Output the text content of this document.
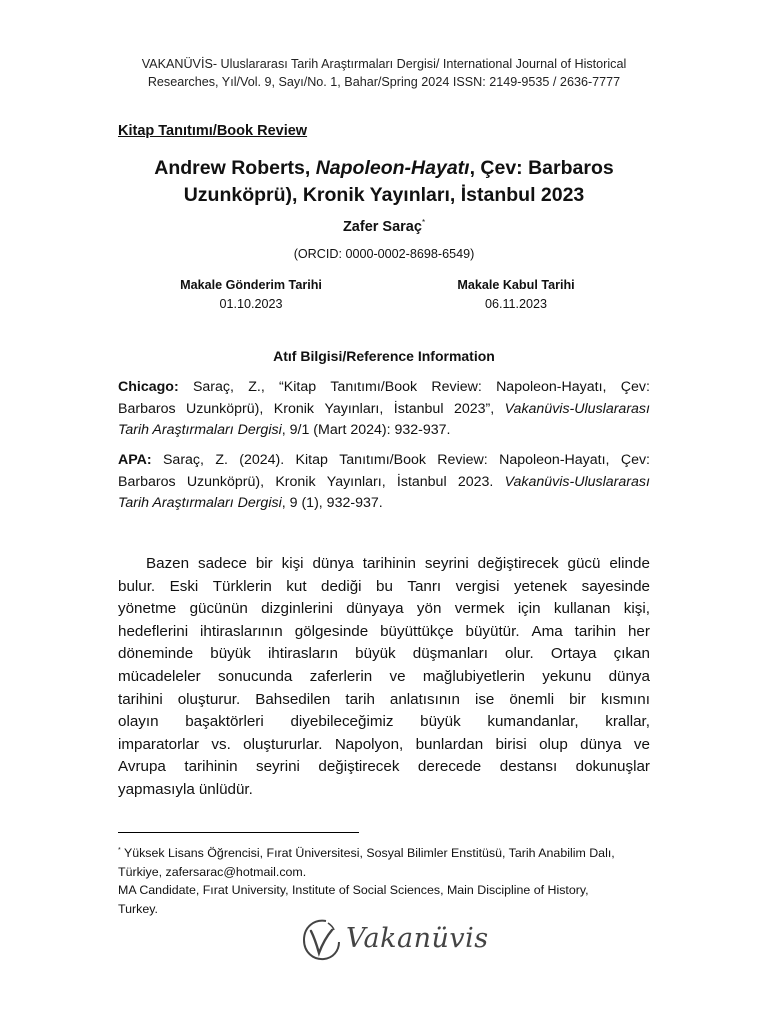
VAKANÜVİS- Uluslararası Tarih Araştırmaları Dergisi/ International Journal of Historical
Researches, Yıl/Vol. 9, Sayı/No. 1, Bahar/Spring 2024 ISSN: 2149-9535 / 2636-7777
Kitap Tanıtımı/Book Review
Andrew Roberts, Napoleon-Hayatı, Çev: Barbaros
Uzunköprü), Kronik Yayınları, İstanbul 2023
Zafer Saraç*
(ORCID: 0000-0002-8698-6549)
Makale Gönderim Tarihi
01.10.2023
Makale Kabul Tarihi
06.11.2023
Atıf Bilgisi/Reference Information
Chicago: Saraç, Z., “Kitap Tanıtımı/Book Review: Napoleon-Hayatı, Çev:
Barbaros Uzunköprü), Kronik Yayınları, İstanbul 2023”, Vakanüvis-Uluslararası
Tarih Araştırmaları Dergisi , 9/1 (Mart 2024): 932-937.
APA: Saraç, Z. (2024). Kitap Tanıtımı/Book Review: Napoleon-Hayatı, Çev:
Barbaros Uzunköprü), Kronik Yayınları, İstanbul 2023. Vakanüvis-Uluslararası
Tarih Araştırmaları Dergisi , 9 (1), 932-937.
Bazen sadece bir kişi dünya tarihinin seyrini değiştirecek gücü elinde
bulur. Eski Türklerin kut dediği bu Tanrı vergisi yetenek sayesinde
yönetme gücünün dizginlerini dünyaya yön vermek için kullanan kişi,
hedeflerini ihtiraslarının gölgesinde büyüttükçe büyütür. Ama tarihin her
döneminde büyük ihtirasların büyük düşmanları olur. Ortaya çıkan
mücadeleler sonucunda zaferlerin ve mağlubiyetlerin yekunu dünya
tarihini oluşturur. Bahsedilen tarih anlatısının ise önemli bir kısmını
olayın başaktörleri diyebileceğimiz büyük kumandanlar, krallar,
imparatorlar vs. oluştururlar. Napolyon, bunlardan birisi olup dünya ve
Avrupa tarihinin seyrini değiştirecek derecede destansı dokunuşlar
yapmasıyla ünlüdür.
* Yüksek Lisans Öğrencisi, Fırat Üniversitesi, Sosyal Bilimler Enstitüsü, Tarih Anabilim Dalı,
Türkiye, zafersarac@hotmail.com.
MA Candidate, Fırat University, Institute of Social Sciences, Main Discipline of History,
Turkey.
Vakanüvis
